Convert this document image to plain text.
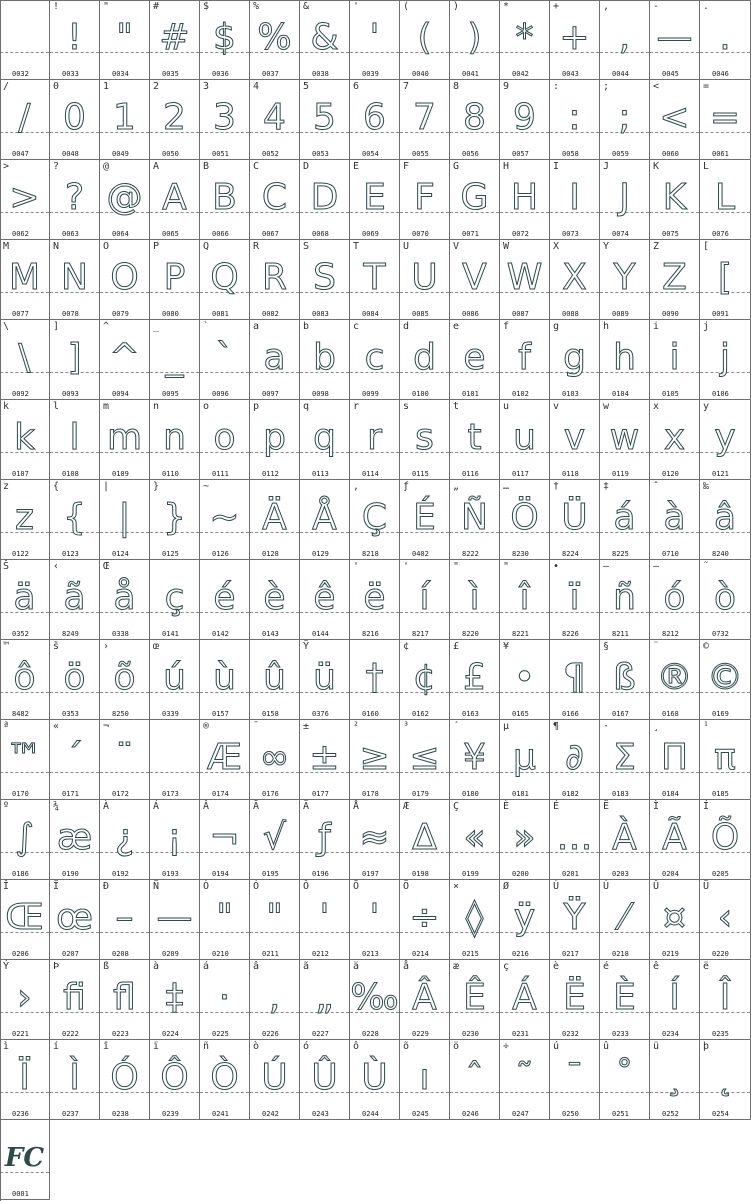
0032
!
!
0033
"
"
0034
#
#
0035
$
$
0036
%
%
0037
&
&
0038
'
'
0039
(
(
0040
)
)
0041
*
*
0042
+
+
0043
,
,
0044
-
—
0045
.
.
0046
/
/
0047
0
0
0048
1
1
0049
2
2
0050
3
3
0051
4
4
0052
5
5
0053
6
6
0054
7
7
0055
8
8
0056
9
9
0057
:
:
0058
;
;
0059
<
<
0060
=
=
0061
>
>
0062
?
?
0063
@
@
0064
A
A
0065
B
B
0066
C
C
0067
D
D
0068
E
E
0069
F
F
0070
G
G
0071
H
H
0072
I
I
0073
J
J
0074
K
K
0075
L
L
0076
M
M
0077
N
N
0078
O
O
0079
P
P
0080
Q
Q
0081
R
R
0082
S
S
0083
T
T
0084
U
U
0085
V
V
0086
W
W
0087
X
X
0088
Y
Y
0089
Z
Z
0090
[
[
0091
\
\
0092
]
]
0093
^
^
0094
_
_
0095
`
`
0096
a
a
0097
b
b
0098
c
c
0099
d
d
0100
e
e
0101
f
f
0102
g
g
0103
h
h
0104
i
i
0105
j
j
0106
k
k
0107
l
l
0108
m
m
0109
n
n
0110
o
o
0111
p
p
0112
q
q
0113
r
r
0114
s
s
0115
t
t
0116
u
u
0117
v
v
0118
w
w
0119
x
x
0120
y
y
0121
z
z
0122
{
{
0123
|
|
0124
}
}
0125
~
~
0126
Ä
0128
Å
0129
,
Ç
8218
ƒ
É
0402
„
Ñ
8222
…
Ö
8230
†
Ü
8224
‡
á
8225
ˆ
à
0710
‰
â
8240
Š
ä
0352
‹
ã
8249
Œ
å
0338
ç
0141
é
0142
è
0143
ê
0144
'
ë
8216
'
í
8217
"
ì
8220
"
î
8221
•
ï
8226
–
ñ
8211
—
ó
8212
˜
ò
0732
™
ô
8482
š
ö
0353
›
õ
8250
œ
ú
0339
ù
0157
û
0158
Ÿ
ü
0376
†
0160
¢
¢
0162
£
£
0163
¥
•
0165
¶
0166
§
ß
0167
¨
®
0168
©
©
0169
ª
™
0170
«
´
0171
¬
¨
0172	0173
®
Æ
0174
¯
∞
0176
±
±
0177
²
≥
0178
³
≤
0179
´
¥
0180
µ
µ
0181
¶
∂
0182
·
Σ
0183
¸
Π
0184
¹
π
0185
º
∫
0186
¾
æ
0190
À
¿
0192
Á
¡
0193
Â
¬
0194
Ã
√
0195
Ä
ƒ
0196
Å
≈
0197
Æ
∆
0198
Ç
«
0199
È
»
0200
É
…
0201
Ë
À
0203
Ì
Ã
0204
Í
Õ
0205
Î
Œ
0206
Ï
œ
0207
Ð
–
0208
Ñ
—
0209
Ò
"
0210
Ó
"
0211
Ô
'
0212
Õ
'
0213
Ö
÷
0214
×
◊
0215
Ø
ÿ
0216
Ù
Ÿ
0217
Ú
⁄
0218
Û
¤
0219
Ü
‹
0220
Ý
›
0221
Þ
ﬁ
0222
ß
ﬂ
0223
à
‡
0224
á
·
0225
â
,
0226
ã
„
0227
ä
‰
0228
å
Â
0229
æ
Ê
0230
ç
Á
0231
è
Ë
0232
é
È
0233
ê
Í
0234
ë
Î
0235
ì
Ï
0236
í
Ì
0237
î
Ó
0238
ï
Ô
0239
ñ
Ò
0241
ò
Ú
0242
ó
Û
0243
ô
Ù
0244
õ
ı
0245
ö
ˆ
0246
÷
˜
0247
ú
¯
0250
û
˚
0251
ü
¸
0252
þ
˛
0254
FC
0001
